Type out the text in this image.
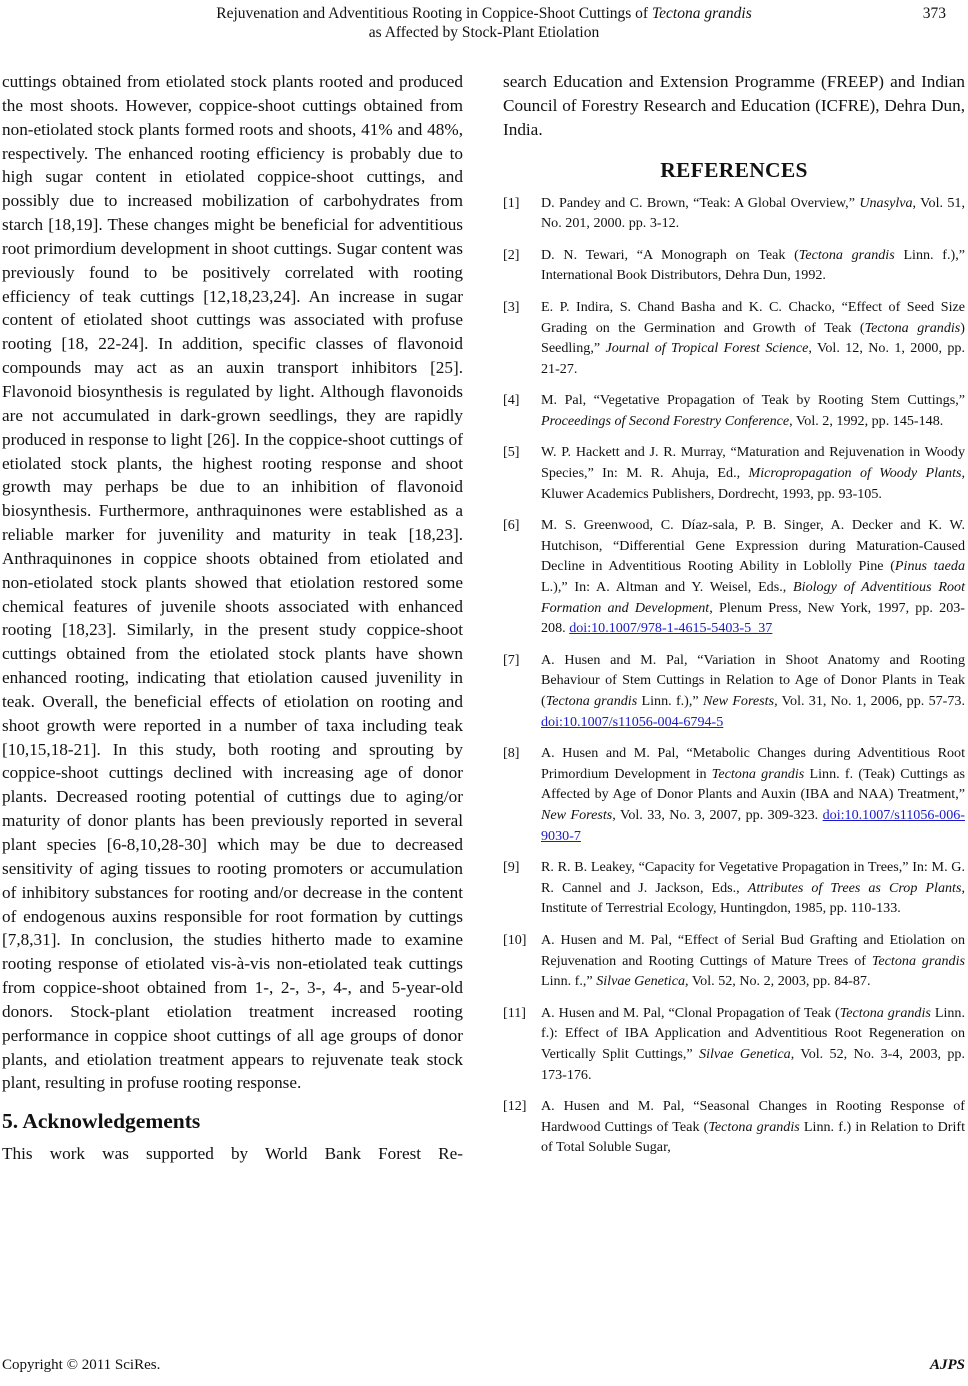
Rejuvenation and Adventitious Rooting in Coppice-Shoot Cuttings of Tectona grandis
as Affected by Stock-Plant Etiolation
373

cuttings obtained from etiolated stock plants rooted and produced the most shoots. However, coppice-shoot cuttings obtained from non-etiolated stock plants formed roots and shoots, 41% and 48%, respectively. The enhanced rooting efficiency is probably due to high sugar content in etiolated coppice-shoot cuttings, and possibly due to increased mobilization of carbohydrates from starch [18,19]. These changes might be beneficial for adventitious root primordium development in shoot cuttings. Sugar content was previously found to be positively correlated with rooting efficiency of teak cuttings [12,18,23,24]. An increase in sugar content of etiolated shoot cuttings was associated with profuse rooting [18, 22-24]. In addition, specific classes of flavonoid compounds may act as an auxin transport inhibitors [25]. Flavonoid biosynthesis is regulated by light. Although flavonoids are not accumulated in dark-grown seedlings, they are rapidly produced in response to light [26]. In the coppice-shoot cuttings of etiolated stock plants, the highest rooting response and shoot growth may perhaps be due to an inhibition of flavonoid biosynthesis. Furthermore, anthraquinones were established as a reliable marker for juvenility and maturity in teak [18,23]. Anthraquinones in coppice shoots obtained from etiolated and non-etiolated stock plants showed that etiolation restored some chemical features of juvenile shoots associated with enhanced rooting [18,23]. Similarly, in the present study coppice-shoot cuttings obtained from the etiolated stock plants have shown enhanced rooting, indicating that etiolation caused juvenility in teak. Overall, the beneficial effects of etiolation on rooting and shoot growth were reported in a number of taxa including teak [10,15,18-21]. In this study, both rooting and sprouting by coppice-shoot cuttings declined with increasing age of donor plants. Decreased rooting potential of cuttings due to aging/or maturity of donor plants has been previously reported in several plant species [6-8,10,28-30] which may be due to decreased sensitivity of aging tissues to rooting promoters or accumulation of inhibitory substances for rooting and/or decrease in the content of endogenous auxins responsible for root formation by cuttings [7,8,31]. In conclusion, the studies hitherto made to examine rooting response of etiolated vis-à-vis non-etiolated teak cuttings from coppice-shoot obtained from 1-, 2-, 3-, 4-, and 5-year-old donors. Stock-plant etiolation treatment increased rooting performance in coppice shoot cuttings of all age groups of donor plants, and etiolation treatment appears to rejuvenate teak stock plant, resulting in profuse rooting response.

5. Acknowledgements

This work was supported by World Bank Forest Re-

search Education and Extension Programme (FREEP) and Indian Council of Forestry Research and Education (ICFRE), Dehra Dun, India.

REFERENCES
[1]	D. Pandey and C. Brown, “Teak: A Global Overview,” Unasylva, Vol. 51, No. 201, 2000. pp. 3-12.
[2]	D. N. Tewari, “A Monograph on Teak (Tectona grandis Linn. f.),” International Book Distributors, Dehra Dun, 1992.
[3]	E. P. Indira, S. Chand Basha and K. C. Chacko, “Effect of Seed Size Grading on the Germination and Growth of Teak (Tectona grandis) Seedling,” Journal of Tropical Forest Science, Vol. 12, No. 1, 2000, pp. 21-27.
[4]	M. Pal, “Vegetative Propagation of Teak by Rooting Stem Cuttings,” Proceedings of Second Forestry Conference, Vol. 2, 1992, pp. 145-148.
[5]	W. P. Hackett and J. R. Murray, “Maturation and Rejuvenation in Woody Species,” In: M. R. Ahuja, Ed., Micropropagation of Woody Plants, Kluwer Academics Publishers, Dordrecht, 1993, pp. 93-105.
[6]	M. S. Greenwood, C. Díaz-sala, P. B. Singer, A. Decker and K. W. Hutchison, “Differential Gene Expression during Maturation-Caused Decline in Adventitious Rooting Ability in Loblolly Pine (Pinus taeda L.),” In: A. Altman and Y. Weisel, Eds., Biology of Adventitious Root Formation and Development, Plenum Press, New York, 1997, pp. 203-208. doi:10.1007/978-1-4615-5403-5_37
[7]	A. Husen and M. Pal, “Variation in Shoot Anatomy and Rooting Behaviour of Stem Cuttings in Relation to Age of Donor Plants in Teak (Tectona grandis Linn. f.),” New Forests, Vol. 31, No. 1, 2006, pp. 57-73. doi:10.1007/s11056-004-6794-5
[8]	A. Husen and M. Pal, “Metabolic Changes during Adventitious Root Primordium Development in Tectona grandis Linn. f. (Teak) Cuttings as Affected by Age of Donor Plants and Auxin (IBA and NAA) Treatment,” New Forests, Vol. 33, No. 3, 2007, pp. 309-323. doi:10.1007/s11056-006-9030-7
[9]	R. R. B. Leakey, “Capacity for Vegetative Propagation in Trees,” In: M. G. R. Cannel and J. Jackson, Eds., Attributes of Trees as Crop Plants, Institute of Terrestrial Ecology, Huntingdon, 1985, pp. 110-133.
[10]	A. Husen and M. Pal, “Effect of Serial Bud Grafting and Etiolation on Rejuvenation and Rooting Cuttings of Mature Trees of Tectona grandis Linn. f.,” Silvae Genetica, Vol. 52, No. 2, 2003, pp. 84-87.
[11]	A. Husen and M. Pal, “Clonal Propagation of Teak (Tectona grandis Linn. f.): Effect of IBA Application and Adventitious Root Regeneration on Vertically Split Cuttings,” Silvae Genetica, Vol. 52, No. 3-4, 2003, pp. 173-176.
[12]	A. Husen and M. Pal, “Seasonal Changes in Rooting Response of Hardwood Cuttings of Teak (Tectona grandis Linn. f.) in Relation to Drift of Total Soluble Sugar,
Copyright © 2011 SciRes.	AJPS
